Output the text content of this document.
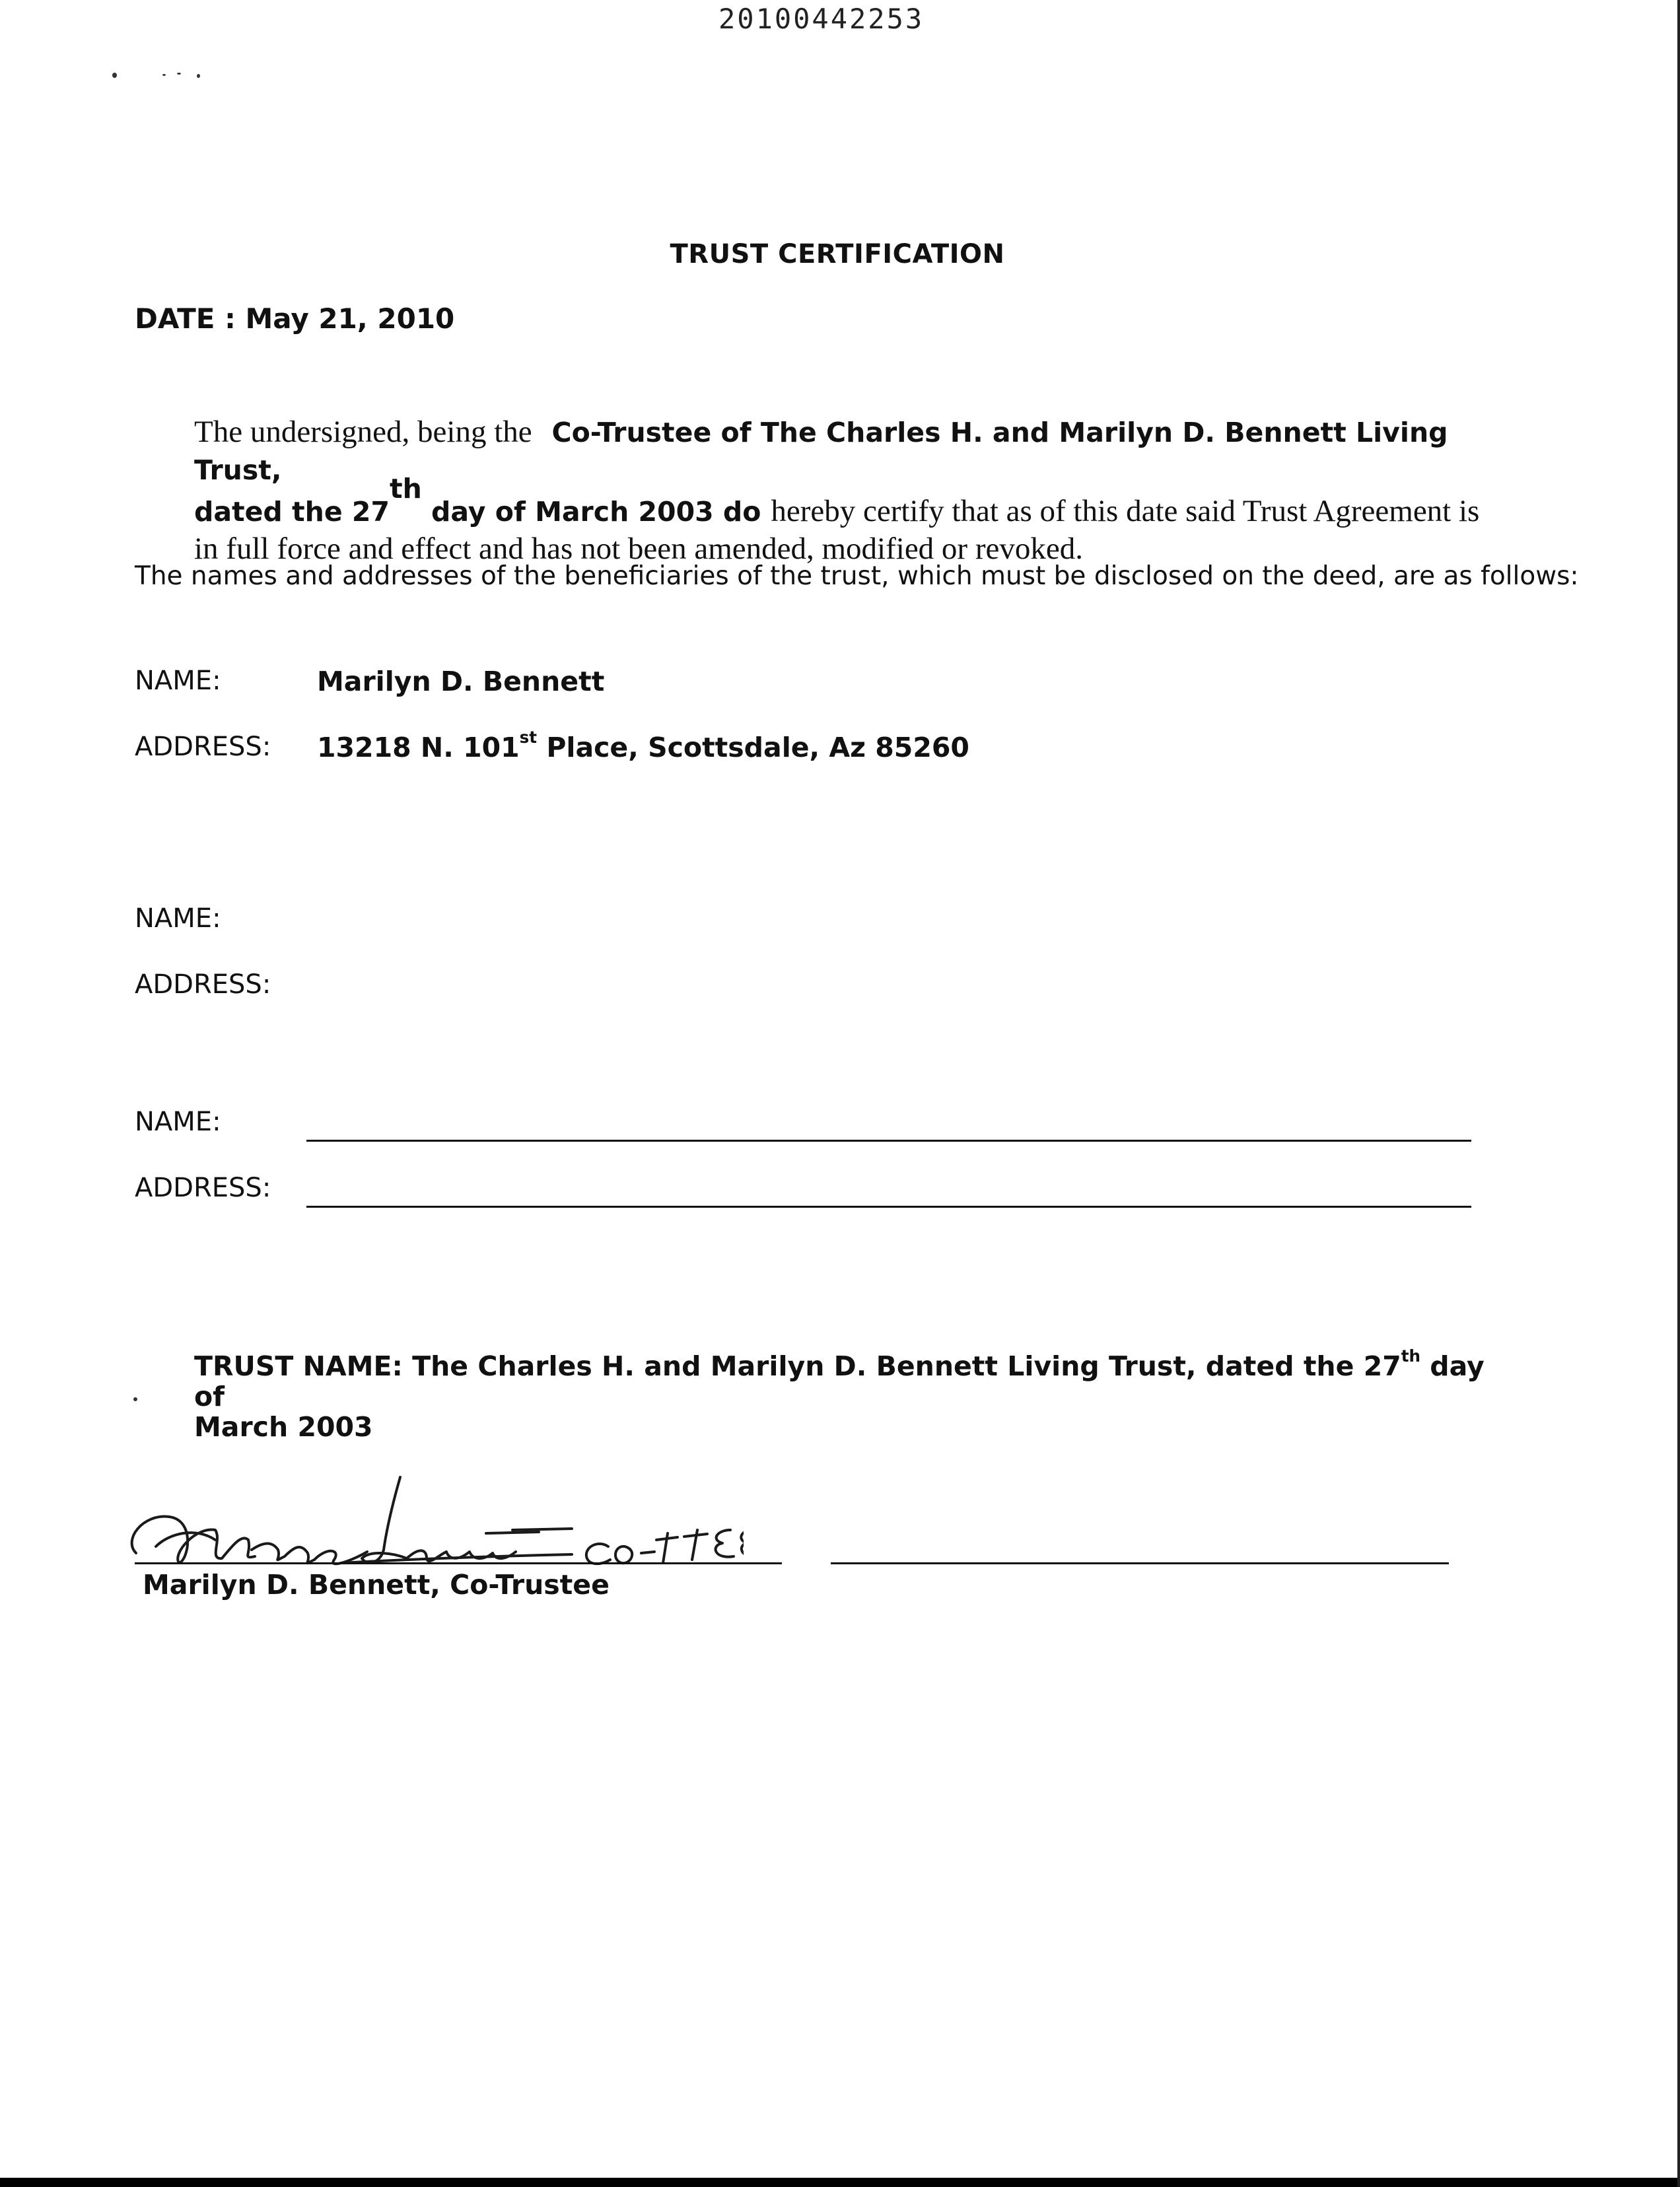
20100442253
TRUST CERTIFICATION
DATE : May 21, 2010
The undersigned, being the Co-Trustee of The Charles H. and Marilyn D. Bennett Living Trust,
dated the 27th day of March 2003 do hereby certify that as of this date said Trust Agreement is
in full force and effect and has not been amended, modified or revoked.
The names and addresses of the beneficiaries of the trust, which must be disclosed on the deed, are as follows:
NAME:	Marilyn D. Bennett
ADDRESS: 13218 N. 101st Place, Scottsdale, Az 85260
NAME:
ADDRESS:
NAME:
ADDRESS:
TRUST NAME: The Charles H. and Marilyn D. Bennett Living Trust, dated the 27th day of
March 2003
Marilyn D. Bennett, Co-Trustee
